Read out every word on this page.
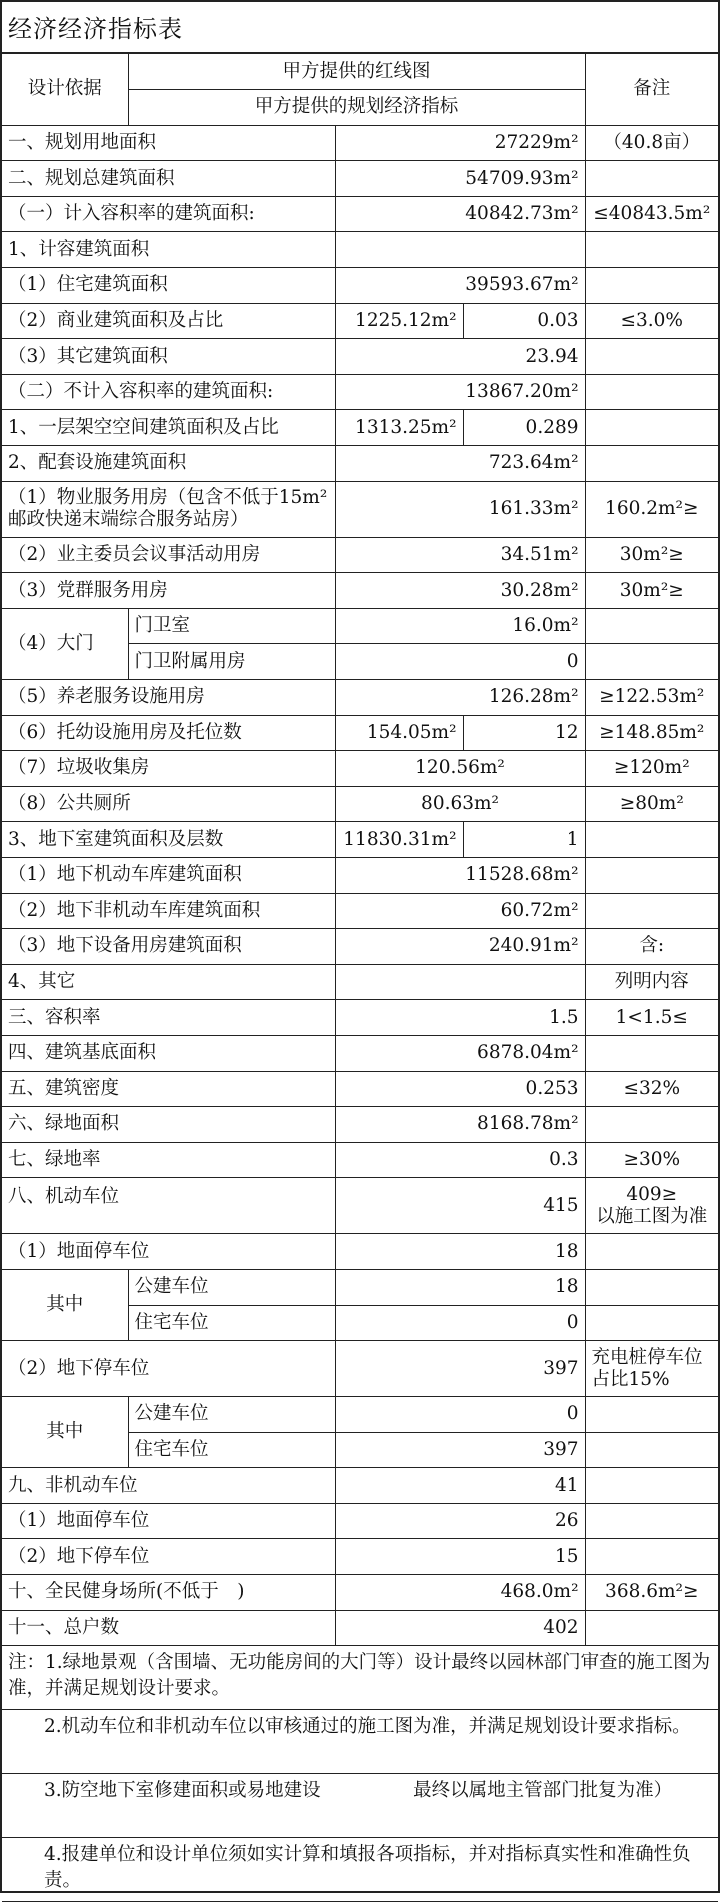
经济经济指标表
设计依据	甲方提供的红线图			备注
	甲方提供的规划经济指标			
一、规划用地面积		27229m²		（40.8亩）
二、规划总建筑面积		54709.93m²		
（一）计入容积率的建筑面积:		40842.73m²		≤40843.5m²
1、计容建筑面积				
（1）住宅建筑面积		39593.67m²		
（2）商业建筑面积及占比		1225.12m²	0.03	≤3.0%
（3）其它建筑面积		23.94		
（二）不计入容积率的建筑面积:		13867.20m²		
1、一层架空空间建筑面积及占比		1313.25m²	0.289	
2、配套设施建筑面积		723.64m²		
（1）物业服务用房（包含不低于15m²邮政快递末端综合服务站房）		161.33m²		160.2m²≥
（2）业主委员会议事活动用房		34.51m²		30m²≥
（3）党群服务用房		30.28m²		30m²≥
（4）大门	门卫室	16.0m²		
	门卫附属用房	0		
（5）养老服务设施用房		126.28m²		≥122.53m²
（6）托幼设施用房及托位数		154.05m²	12	≥148.85m²
（7）垃圾收集房		120.56m²		≥120m²
（8）公共厕所		80.63m²		≥80m²
3、地下室建筑面积及层数		11830.31m²	1	
（1）地下机动车库建筑面积		11528.68m²		
（2）地下非机动车库建筑面积		60.72m²		
（3）地下设备用房建筑面积		240.91m²		含:
4、其它				列明内容
三、容积率		1.5		1<1.5≤
四、建筑基底面积		6878.04m²		
五、建筑密度		0.253		≤32%
六、绿地面积		8168.78m²		
七、绿地率		0.3		≥30%
八、机动车位		415		409≥
以施工图为准
（1）地面停车位		18		
其中	公建车位	18		
	住宅车位	0		
（2）地下停车位		397		充电桩停车位占比15%
其中	公建车位	0		
	住宅车位	397		
九、非机动车位		41		
（1）地面停车位		26		
（2）地下停车位		15		
十、全民健身场所(不低于　)		468.0m²		368.6m²≥
十一、总户数		402		
注：1.绿地景观（含围墙、无功能房间的大门等）设计最终以园林部门审查的施工图为准，并满足规划设计要求。				
2.机动车位和非机动车位以审核通过的施工图为准，并满足规划设计要求指标。				
3.防空地下室修建面积或易地建设　　　　　最终以属地主管部门批复为准）				
4.报建单位和设计单位须如实计算和填报各项指标，并对指标真实性和准确性负责。				
